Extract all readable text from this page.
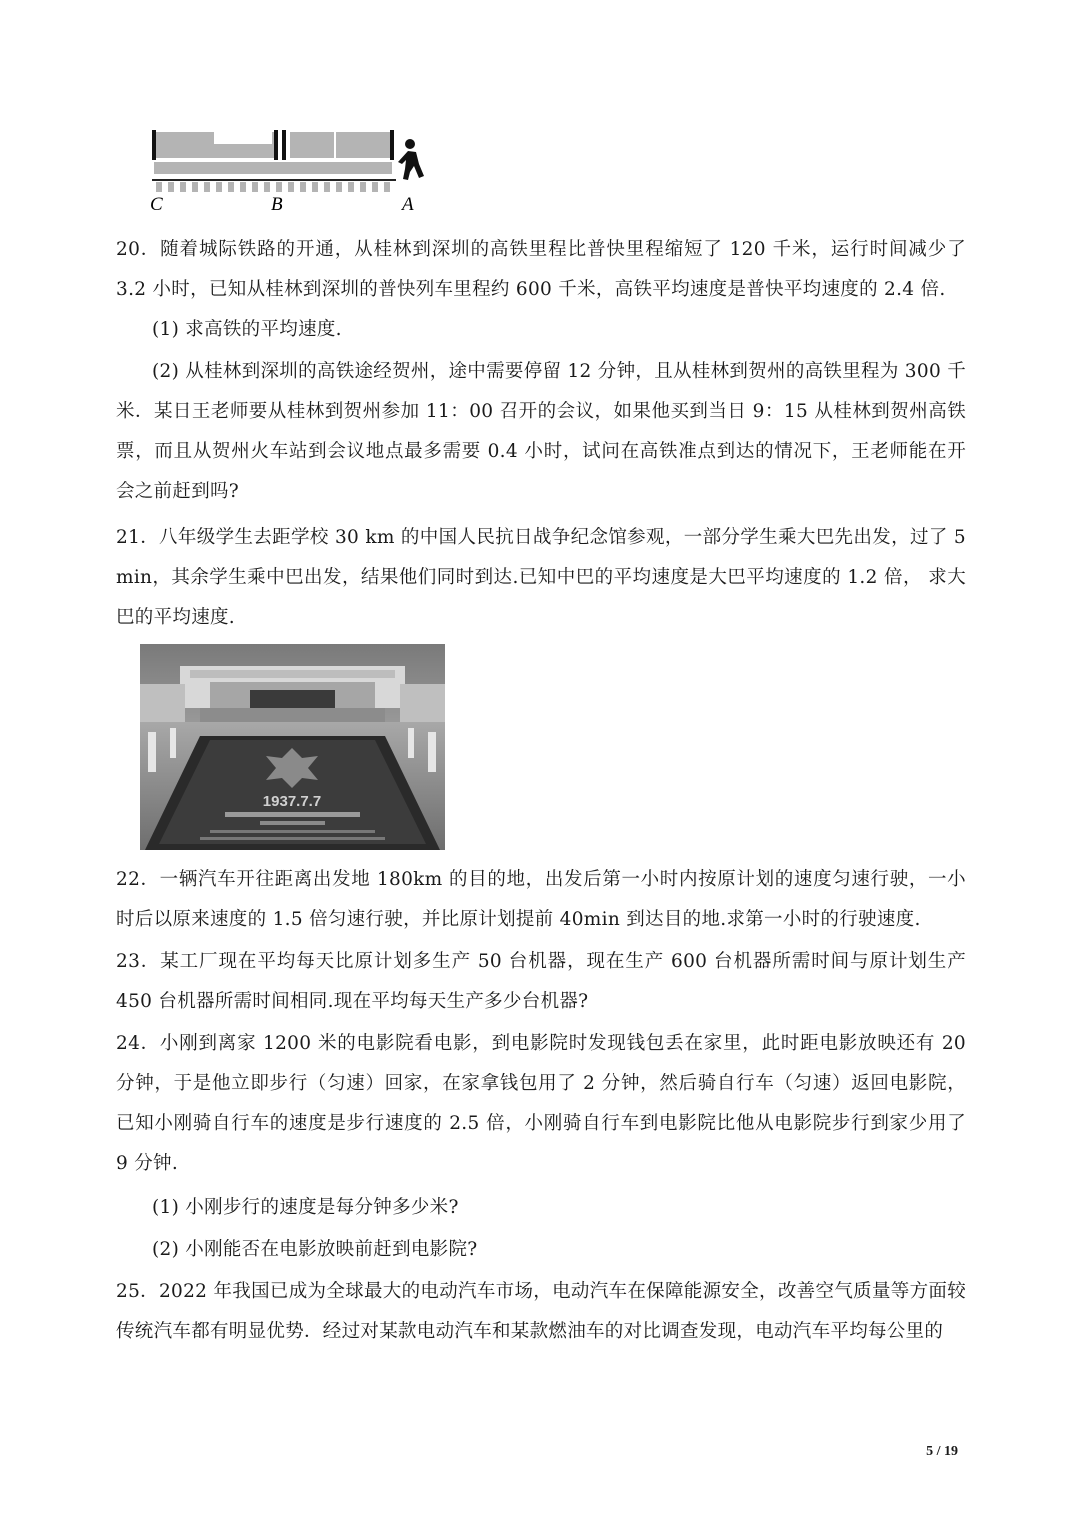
C	B	A

20．随着城际铁路的开通，从桂林到深圳的高铁里程比普快里程缩短了 120 千米，运行时间减少了 3.2 小时，已知从桂林到深圳的普快列车里程约 600 千米，高铁平均速度是普快平均速度的 2.4 倍.

(1) 求高铁的平均速度.

(2) 从桂林到深圳的高铁途经贺州，途中需要停留 12 分钟，且从桂林到贺州的高铁里程为 300 千米．某日王老师要从桂林到贺州参加 11：00 召开的会议，如果他买到当日 9：15 从桂林到贺州高铁票，而且从贺州火车站到会议地点最多需要 0.4 小时，试问在高铁准点到达的情况下，王老师能在开会之前赶到吗?

21．八年级学生去距学校 30 km 的中国人民抗日战争纪念馆参观，一部分学生乘大巴先出发，过了 5 min，其余学生乘中巴出发，结果他们同时到达.已知中巴的平均速度是大巴平均速度的 1.2 倍， 求大巴的平均速度.

1937.7.7

22．一辆汽车开往距离出发地 180km 的目的地，出发后第一小时内按原计划的速度匀速行驶，一小时后以原来速度的 1.5 倍匀速行驶，并比原计划提前 40min 到达目的地.求第一小时的行驶速度.

23．某工厂现在平均每天比原计划多生产 50 台机器，现在生产 600 台机器所需时间与原计划生产 450 台机器所需时间相同.现在平均每天生产多少台机器?

24．小刚到离家 1200 米的电影院看电影，到电影院时发现钱包丢在家里，此时距电影放映还有 20 分钟，于是他立即步行（匀速）回家，在家拿钱包用了 2 分钟，然后骑自行车（匀速）返回电影院，已知小刚骑自行车的速度是步行速度的 2.5 倍，小刚骑自行车到电影院比他从电影院步行到家少用了 9 分钟.

(1) 小刚步行的速度是每分钟多少米?

(2) 小刚能否在电影放映前赶到电影院?

25．2022 年我国已成为全球最大的电动汽车市场，电动汽车在保障能源安全，改善空气质量等方面较传统汽车都有明显优势．经过对某款电动汽车和某款燃油车的对比调查发现，电动汽车平均每公里的

5 / 19
